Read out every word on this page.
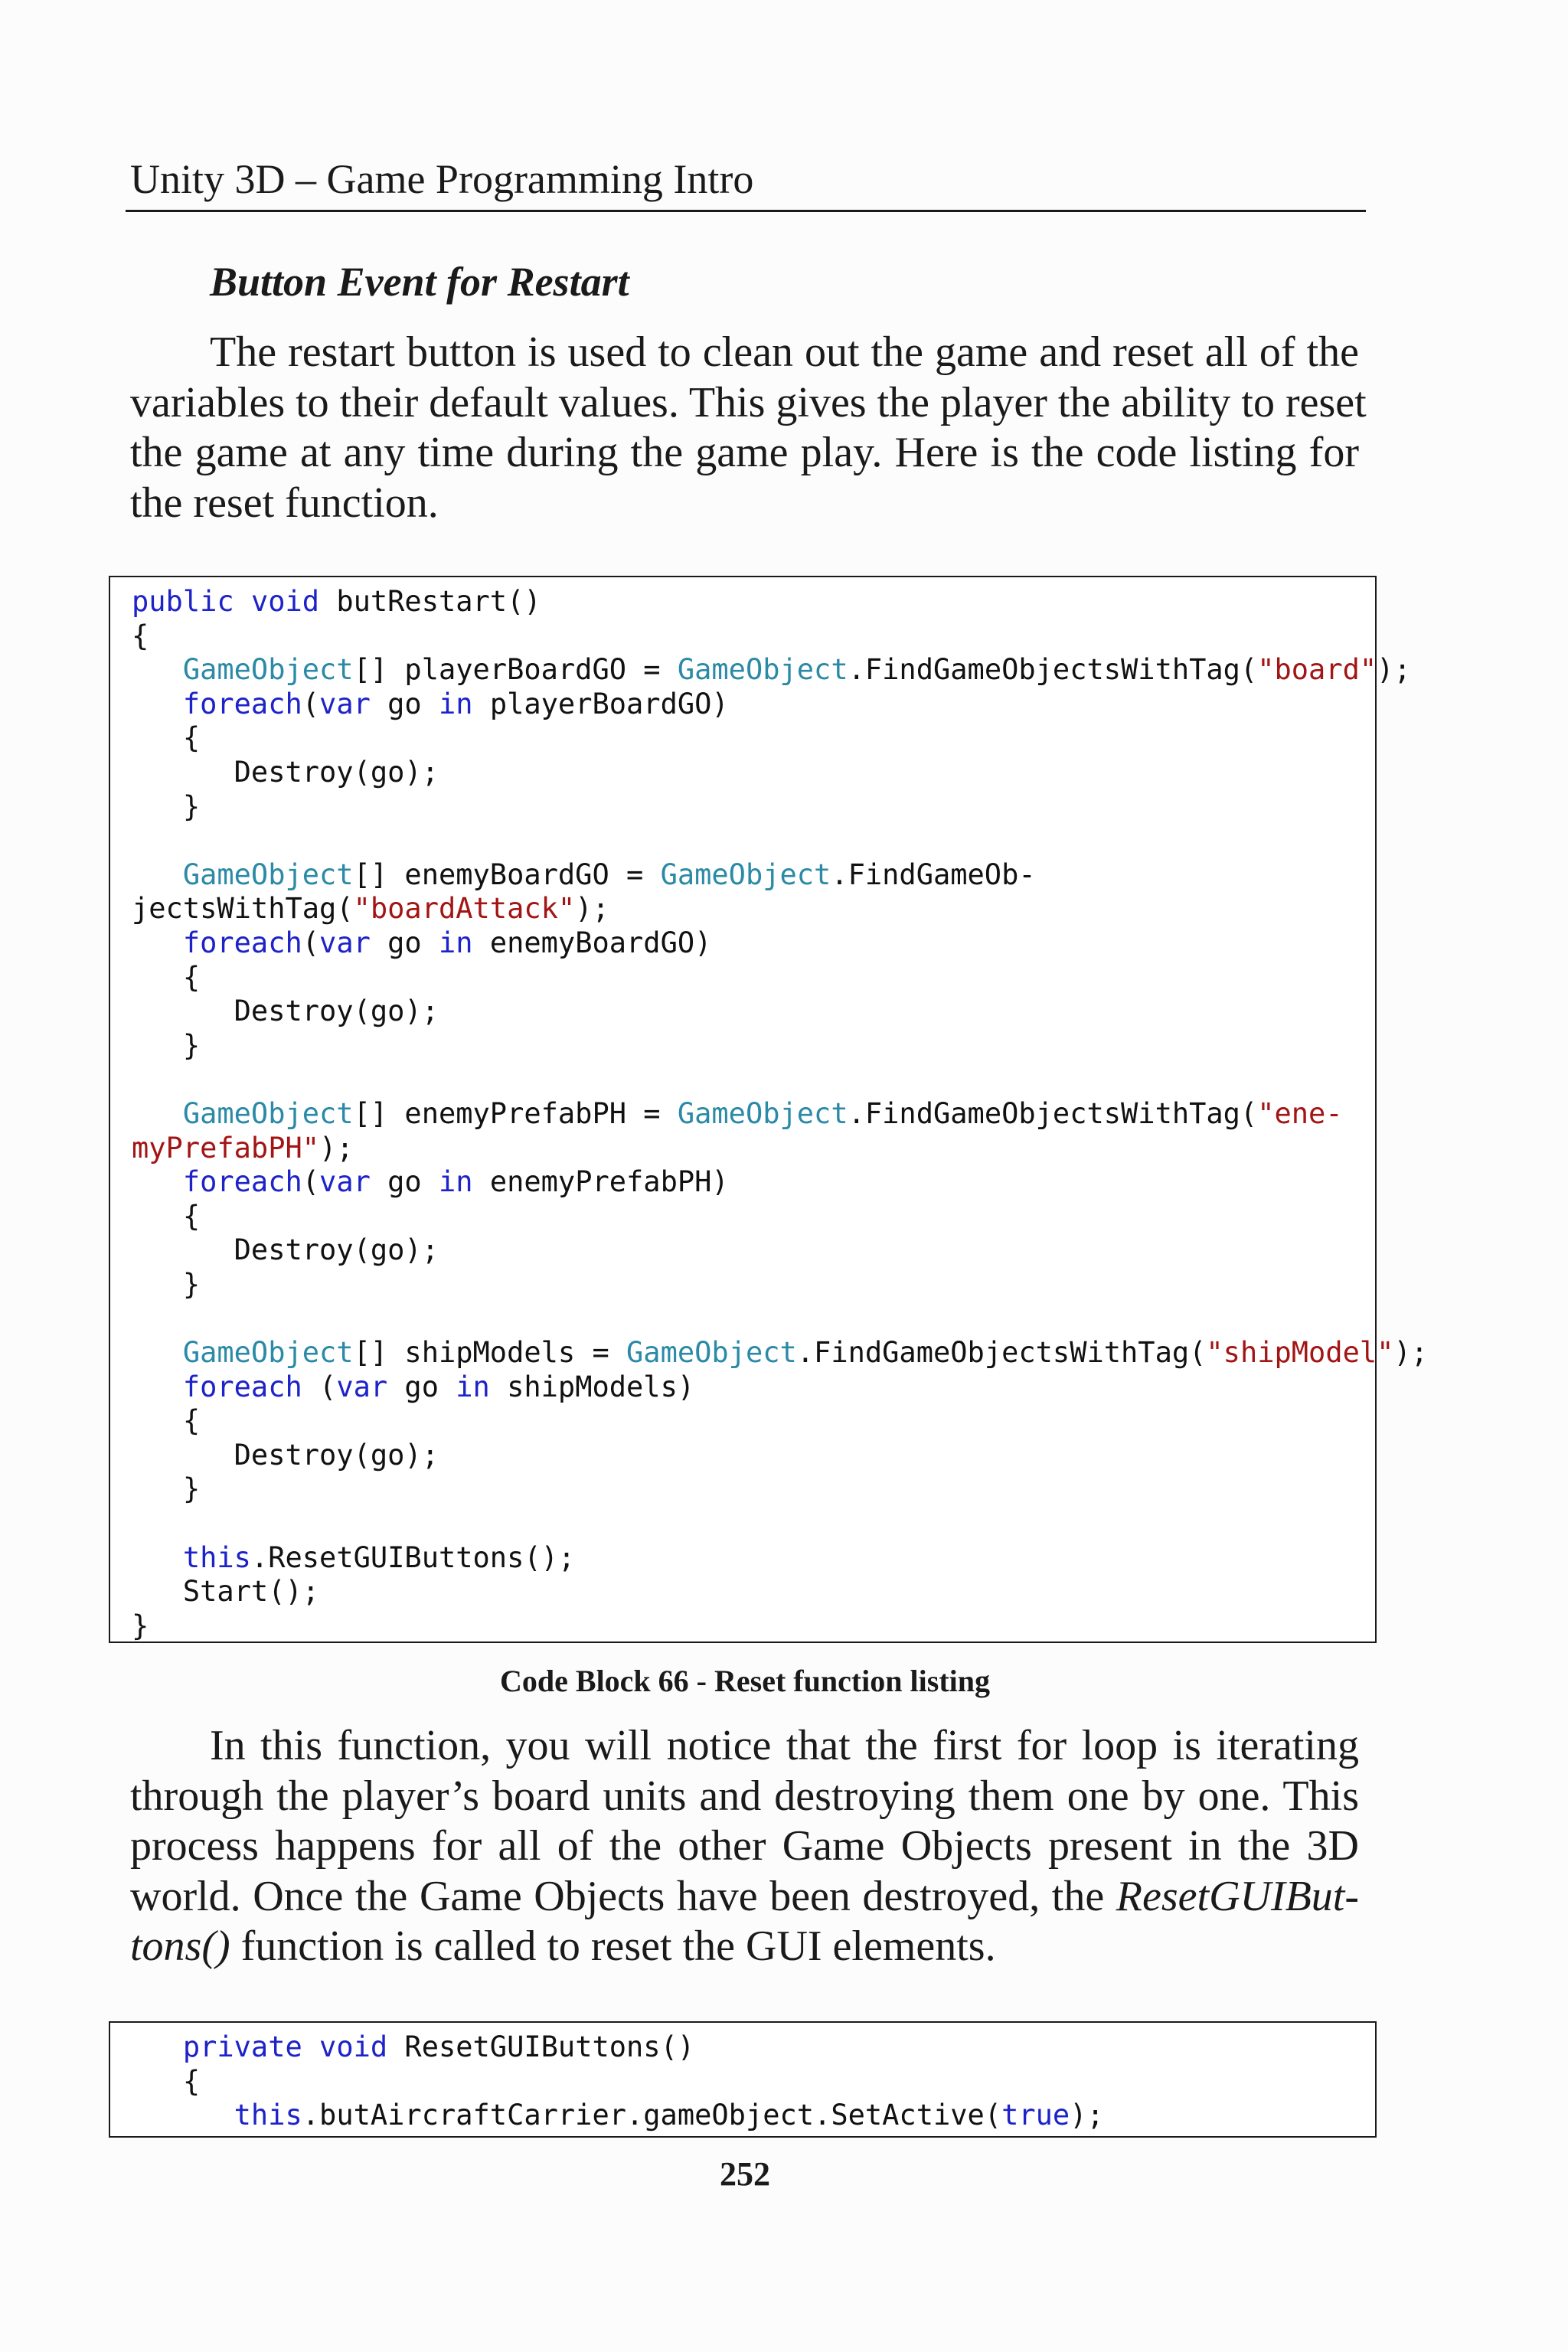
Unity 3D – Game Programming Intro
Button Event for Restart
The restart button is used to clean out the game and reset all of the
variables to their default values. This gives the player the ability to reset
the game at any time during the game play. Here is the code listing for
the reset function.
public void butRestart()
{
GameObject[] playerBoardGO = GameObject.FindGameObjectsWithTag("board");
foreach(var go in playerBoardGO)
{
Destroy(go);
}

GameObject[] enemyBoardGO = GameObject.FindGameOb-
jectsWithTag("boardAttack");
foreach(var go in enemyBoardGO)
{
Destroy(go);
}

GameObject[] enemyPrefabPH = GameObject.FindGameObjectsWithTag("ene-
myPrefabPH");
foreach(var go in enemyPrefabPH)
{
Destroy(go);
}

GameObject[] shipModels = GameObject.FindGameObjectsWithTag("shipModel");
foreach (var go in shipModels)
{
Destroy(go);
}

this.ResetGUIButtons();
Start();
}
Code Block 66 - Reset function listing
In this function, you will notice that the first for loop is iterating
through the player’s board units and destroying them one by one. This
process happens for all of the other Game Objects present in the 3D
world. Once the Game Objects have been destroyed, the ResetGUIBut-
tons() function is called to reset the GUI elements.
private void ResetGUIButtons()
{
this.butAircraftCarrier.gameObject.SetActive(true);
252
